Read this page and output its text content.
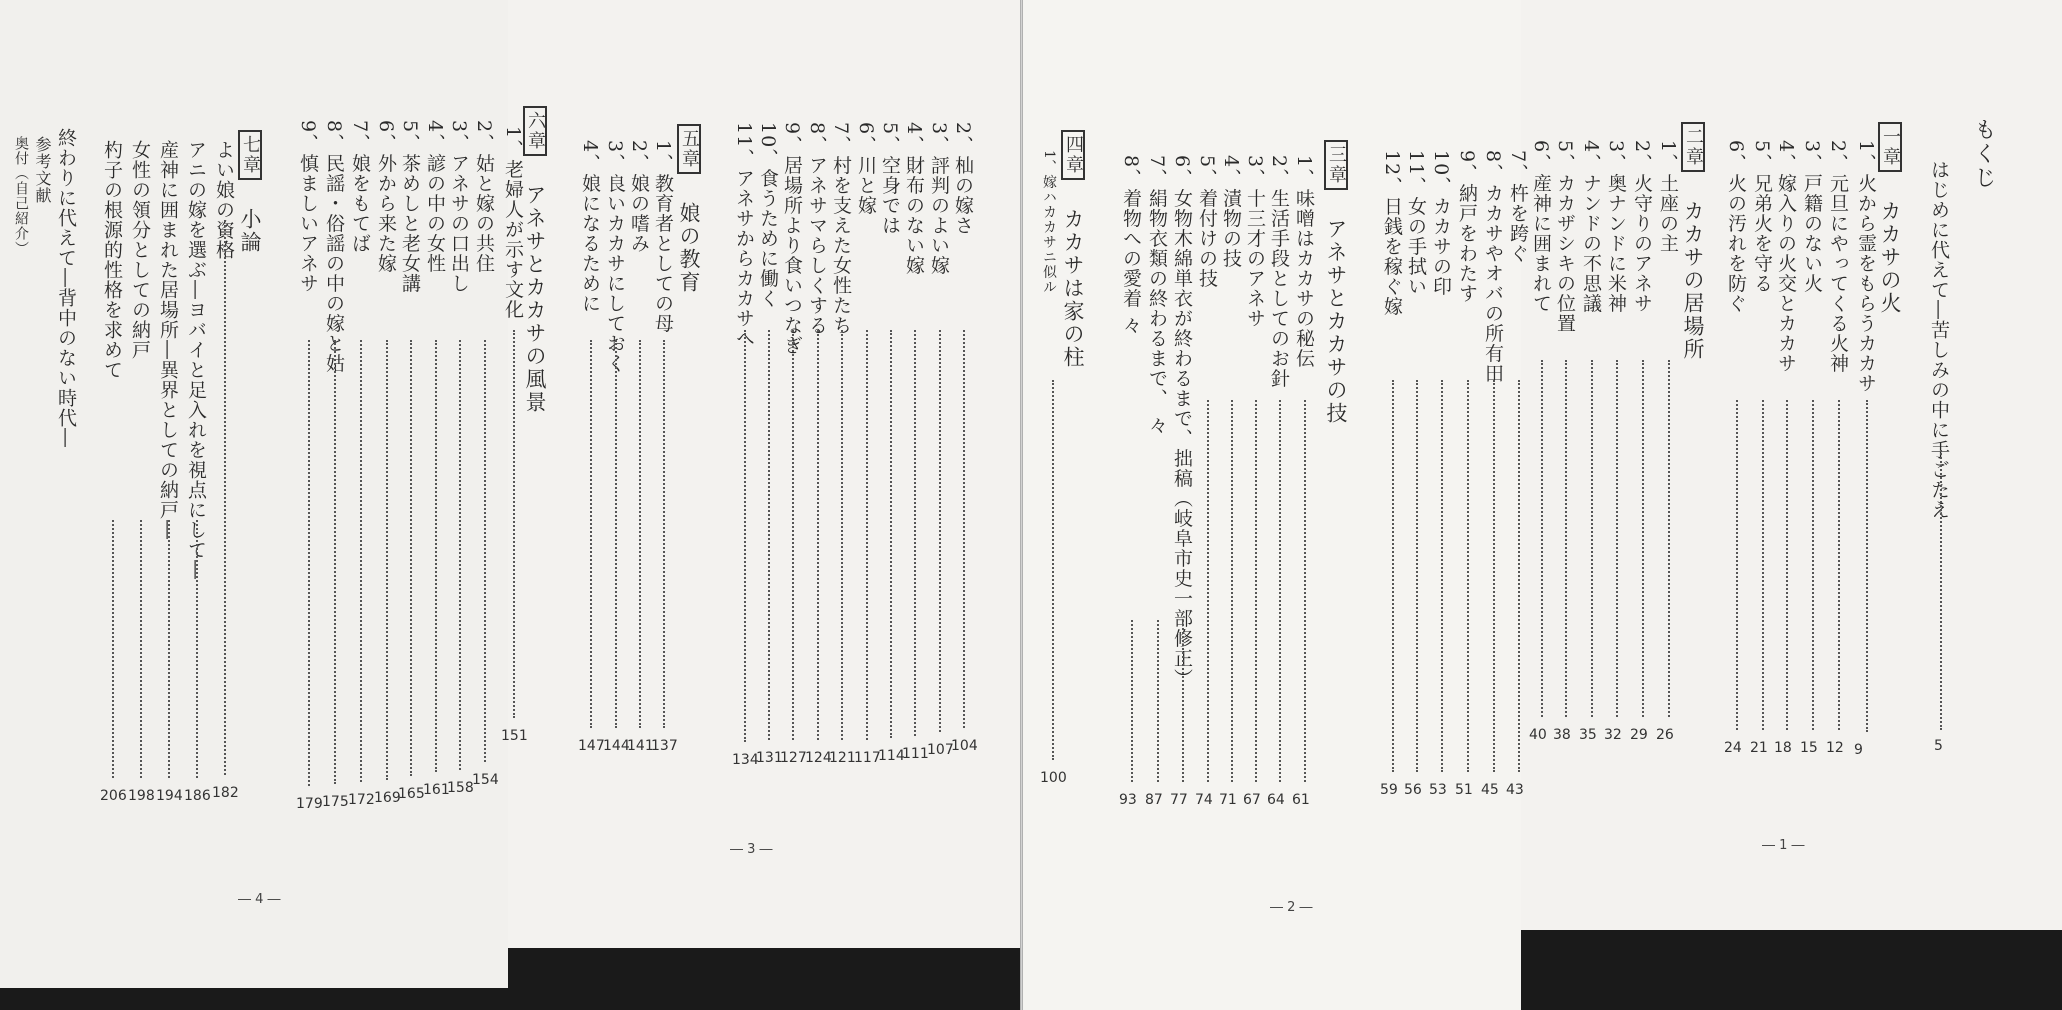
もくじ
はじめに代えて―苦しみの中に手ごたえ
5
一章カカサの火
1、火から霊をもらうカカサ
9
2、元旦にやってくる火神
12
3、戸籍のない火
15
4、嫁入りの火交とカカサ
18
5、兄弟火を守る
21
6、火の汚れを防ぐ
24
二章カカサの居場所
1、土座の主
26
2、火守りのアネサ
29
3、奥ナンドに米神
32
4、ナンドの不思議
35
5、カカザシキの位置
38
6、産神に囲まれて
40
7、杵を跨ぐ
43
8、カカサやオバの所有田
45
9、納戸をわたす
51
10、カカサの印
53
11、女の手拭い
56
12、日銭を稼ぐ嫁
59
三章アネサとカカサの技
1、味噌はカカサの秘伝
61
2、生活手段としてのお針
64
3、十三才のアネサ
67
4、漬物の技
71
5、着付けの技
74
6、女物木綿単衣が終わるまで、拙稿（岐阜市史一部修正）
77
7、絹物衣類の終わるまで、 々
87
8、着物への愛着 々
93
四章カカサは家の柱
1、嫁ハカカサニ似ル
100
2、杣の嫁さ
104
3、評判のよい嫁
107
4、財布のない嫁
111
5、空身では
114
6、川と嫁
117
7、村を支えた女性たち
121
8、アネサマらしくする
124
9、居場所より食いつなぎ
127
10、食うために働く
131
11、アネサからカカサへ
134
五章娘の教育
1、教育者としての母
137
2、娘の嗜み
141
3、良いカカサにしておく
144
4、娘になるために
147
六章アネサとカカサの風景
1、老婦人が示す文化
151
2、姑と嫁の共住
154
3、アネサの口出し
158
4、諺の中の女性
161
5、茶めしと老女講
165
6、外から来た嫁
169
7、娘をもてば
172
8、民謡・俗謡の中の嫁と姑
175
9、慎ましいアネサ
179
七章小論
よい娘の資格
182
アニの嫁を選ぶ―ヨバイと足入れを視点にして―
186
産神に囲まれた居場所―異界としての納戸―
194
女性の領分としての納戸
198
杓子の根源的性格を求めて
206
終わりに代えて―背中のない時代―
参考文献
奥付（自己紹介）
― 1 ―
― 2 ―
― 3 ―
― 4 ―
